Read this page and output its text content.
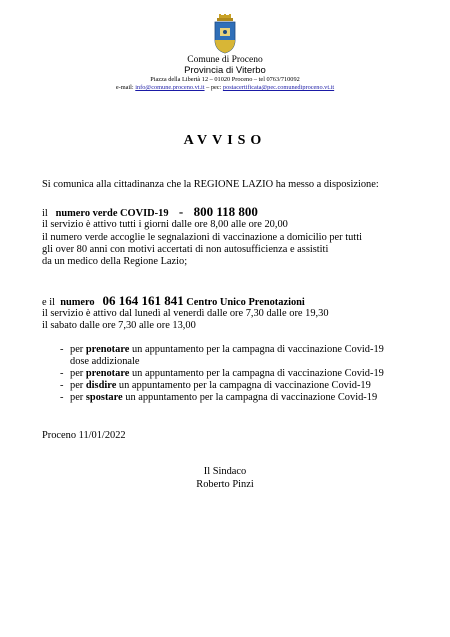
Comune di Proceno
Provincia di Viterbo
Piazza della Libertà 12 – 01020 Proceno – tel 0763/710092
e-mail: info@comune.proceno.vt.it – pec: postacertificata@pec.comunediproceno.vt.it
AVVISO
Si comunica alla cittadinanza che la REGIONE LAZIO ha messo a disposizione:
il numero verde COVID-19 - 800 118 800
il servizio è attivo tutti i giorni dalle ore 8,00 alle ore 20,00
il numero verde accoglie le segnalazioni di vaccinazione a domicilio per tutti
gli over 80 anni con motivi accertati di non autosufficienza e assistiti
da un medico della Regione Lazio;
e il numero 06 164 161 841 Centro Unico Prenotazioni
il servizio è attivo dal lunedì al venerdì dalle ore 7,30 dalle ore 19,30
il sabato dalle ore 7,30 alle ore 13,00
- per prenotare un appuntamento per la campagna di vaccinazione Covid-19
dose addizionale
- per prenotare un appuntamento per la campagna di vaccinazione Covid-19
- per disdire un appuntamento per la campagna di vaccinazione Covid-19
- per spostare un appuntamento per la campagna di vaccinazione Covid-19
Proceno 11/01/2022
Il Sindaco
Roberto Pinzi
